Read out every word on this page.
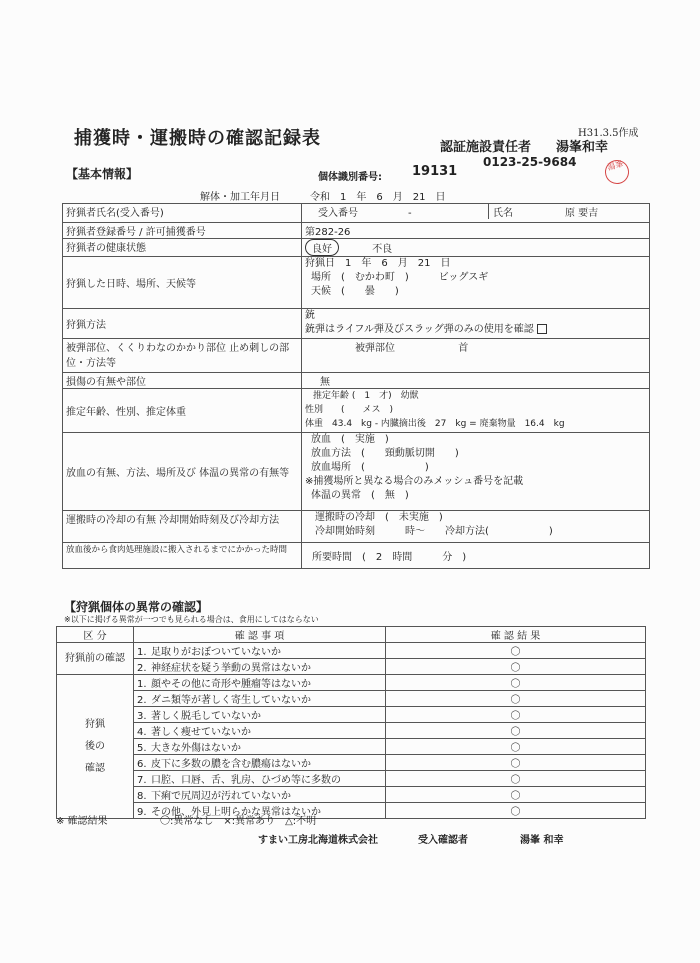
捕獲時・運搬時の確認記録表	H31.3.5作成
認証施設責任者 湯峯和幸
0123-25-9684	湯峯
【基本情報】	個体識別番号: 19131
解体・加工年月日	令和　1　年　6　月　21　日
狩猟者氏名(受入番号)	受入番号　　　　　- 氏名 原 要吉
狩猟者登録番号 / 許可捕獲番号	第282-26
狩猟者の健康状態	良好 不良
狩猟した日時、場所、天候等	狩猟日　1　年　6　月　21　日
場所　(　むかわ町　)　　　ビッグスギ
天候　(　　曇　　)

狩猟方法	銃
銃弾はライフル弾及びスラッグ弾のみの使用を確認

被弾部位、くくりわなのかかり部位 止め刺しの部位・方法等	被弾部位 首
損傷の有無や部位	無
推定年齢、性別、推定体重	推定年齢 (　1　才)　幼獣
性別　　(　　メス　)
体重　43.4　kg - 内臓摘出後　27　kg = 廃棄物量　16.4　kg

放血の有無、方法、場所及び 体温の異常の有無等	放血　(　実施　)
放血方法　(　　頸動脈切開　　)
放血場所　(　　　　　　)
※捕獲場所と異なる場合のみメッシュ番号を記載
体温の異常　(　無　)

運搬時の冷却の有無 冷却開始時刻及び冷却方法	運搬時の冷却　(　未実施　)
冷却開始時刻　　　時〜　　冷却方法(　　　　　　)

放血後から食肉処理施設に搬入されるまでにかかった時間	所要時間　(　2　時間　　　分　)
【狩猟個体の異常の確認】
※以下に掲げる異常が一つでも見られる場合は、食用にしてはならない
区 分	確 認 事 項	確 認 結 果
狩猟前の確認	1. 足取りがおぼついていないか	〇
	2. 神経症状を疑う挙動の異常はないか	〇
狩猟後の確認	1. 顔やその他に奇形や腫瘤等はないか	〇
	2. ダニ類等が著しく寄生していないか	〇
	3. 著しく脱毛していないか	〇
	4. 著しく痩せていないか	〇
	5. 大きな外傷はないか	〇
	6. 皮下に多数の膿を含む膿瘍はないか	〇
	7. 口腔、口唇、舌、乳房、ひづめ等に多数の	〇
	8. 下痢で尻周辺が汚れていないか	〇
	9. その他、外見上明らかな異常はないか	〇
※ 確認結果	〇:異常なし　×:異常あり　△:不明
すまい工房北海道株式会社	受入確認者	湯峯 和幸
